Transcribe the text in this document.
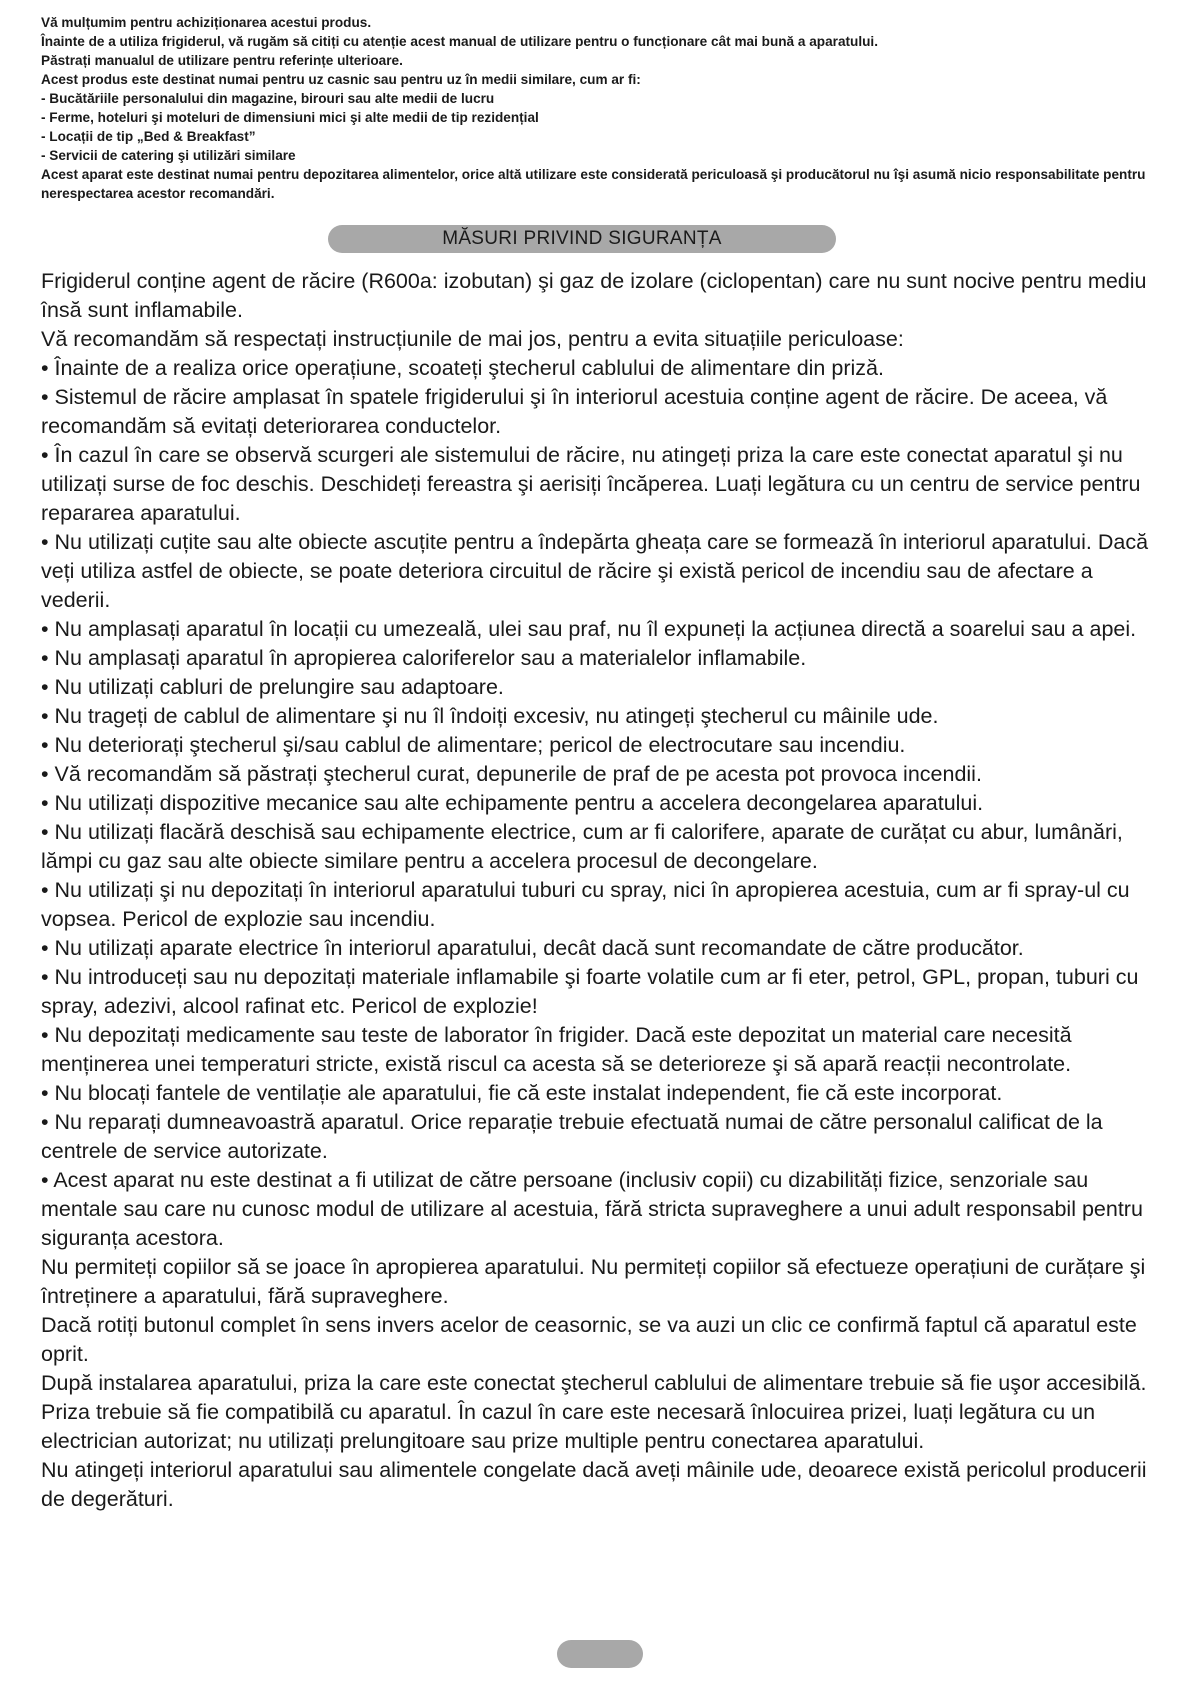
Vă mulțumim pentru achiziționarea acestui produs.

Înainte de a utiliza frigiderul, vă rugăm să citiți cu atenție acest manual de utilizare pentru o funcționare cât mai bună a aparatului.

Păstrați manualul de utilizare pentru referințe ulterioare.

Acest produs este destinat numai pentru uz casnic sau pentru uz în medii similare, cum ar fi:

- Bucătăriile personalului din magazine, birouri sau alte medii de lucru

- Ferme, hoteluri şi moteluri de dimensiuni mici şi alte medii de tip rezidențial

- Locații de tip „Bed & Breakfast”

- Servicii de catering şi utilizări similare

Acest aparat este destinat numai pentru depozitarea alimentelor, orice altă utilizare este considerată periculoasă şi producătorul nu îşi asumă nicio responsabilitate pentru nerespectarea acestor recomandări.

MĂSURI PRIVIND SIGURANȚA

Frigiderul conține agent de răcire (R600a: izobutan) şi gaz de izolare (ciclopentan) care nu sunt nocive pentru mediu însă sunt inflamabile.

Vă recomandăm să respectați instrucțiunile de mai jos, pentru a evita situațiile periculoase:

• Înainte de a realiza orice operațiune, scoateți ştecherul cablului de alimentare din priză.

• Sistemul de răcire amplasat în spatele frigiderului şi în interiorul acestuia conține agent de răcire. De aceea, vă recomandăm să evitați deteriorarea conductelor.

• În cazul în care se observă scurgeri ale sistemului de răcire, nu atingeți priza la care este conectat aparatul şi nu utilizați surse de foc deschis. Deschideți fereastra şi aerisiți încăperea. Luați legătura cu un centru de service pentru repararea aparatului.

• Nu utilizați cuțite sau alte obiecte ascuțite pentru a îndepărta gheața care se formează în interiorul aparatului. Dacă veți utiliza astfel de obiecte, se poate deteriora circuitul de răcire şi există pericol de incendiu sau de afectare a vederii.

• Nu amplasați aparatul în locații cu umezeală, ulei sau praf, nu îl expuneți la acțiunea directă a soarelui sau a apei.

• Nu amplasați aparatul în apropierea caloriferelor sau a materialelor inflamabile.

• Nu utilizați cabluri de prelungire sau adaptoare.

• Nu trageți de cablul de alimentare şi nu îl îndoiți excesiv, nu atingeți ştecherul cu mâinile ude.

• Nu deteriorați ştecherul şi/sau cablul de alimentare; pericol de electrocutare sau incendiu.

• Vă recomandăm să păstrați ştecherul curat, depunerile de praf de pe acesta pot provoca incendii.

• Nu utilizați dispozitive mecanice sau alte echipamente pentru a accelera decongelarea aparatului.

• Nu utilizați flacără deschisă sau echipamente electrice, cum ar fi calorifere, aparate de curățat cu abur, lumânări, lămpi cu gaz sau alte obiecte similare pentru a accelera procesul de decongelare.

• Nu utilizați şi nu depozitați în interiorul aparatului tuburi cu spray, nici în apropierea acestuia, cum ar fi spray-ul cu vopsea. Pericol de explozie sau incendiu.

• Nu utilizați aparate electrice în interiorul aparatului, decât dacă sunt recomandate de către producător.

• Nu introduceți sau nu depozitați materiale inflamabile şi foarte volatile cum ar fi eter, petrol, GPL, propan, tuburi cu spray, adezivi, alcool rafinat etc. Pericol de explozie!

• Nu depozitați medicamente sau teste de laborator în frigider. Dacă este depozitat un material care necesită menținerea unei temperaturi stricte, există riscul ca acesta să se deterioreze şi să apară reacții necontrolate.

• Nu blocați fantele de ventilație ale aparatului, fie că este instalat independent, fie că este incorporat.

• Nu reparați dumneavoastră aparatul. Orice reparație trebuie efectuată numai de către personalul calificat de la centrele de service autorizate.

• Acest aparat nu este destinat a fi utilizat de către persoane (inclusiv copii) cu dizabilități fizice, senzoriale sau mentale sau care nu cunosc modul de utilizare al acestuia, fără stricta supraveghere a unui adult responsabil pentru siguranța acestora.

Nu permiteți copiilor să se joace în apropierea aparatului. Nu permiteți copiilor să efectueze operațiuni de curățare şi întreținere a aparatului, fără supraveghere.

Dacă rotiți butonul complet în sens invers acelor de ceasornic, se va auzi un clic ce confirmă faptul că aparatul este oprit.

După instalarea aparatului, priza la care este conectat ştecherul cablului de alimentare trebuie să fie uşor accesibilă.

Priza trebuie să fie compatibilă cu aparatul. În cazul în care este necesară înlocuirea prizei, luați legătura cu un electrician autorizat; nu utilizați prelungitoare sau prize multiple pentru conectarea aparatului.

Nu atingeți interiorul aparatului sau alimentele congelate dacă aveți mâinile ude, deoarece există pericolul producerii de degerături.
